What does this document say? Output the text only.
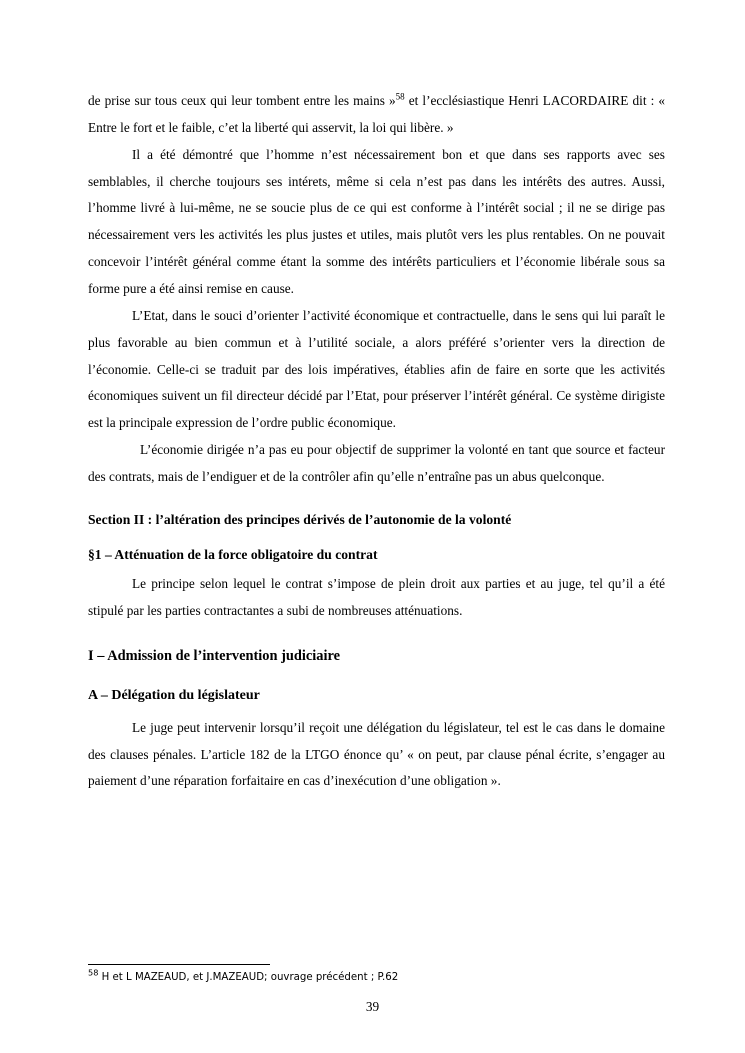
de prise sur tous ceux qui leur tombent entre les mains »$^{58}$ et l’ecclésiastique Henri LACORDAIRE dit : « Entre le fort et le faible, c’et la liberté qui asservit, la loi qui libère. »

Il a été démontré que l’homme n’est nécessairement bon et que dans ses rapports avec ses semblables, il cherche toujours ses intérets, même si cela n’est pas dans les intérêts des autres. Aussi, l’homme livré à lui-même, ne se soucie plus de ce qui est conforme à l’intérêt social ; il ne se dirige pas nécessairement vers les activités les plus justes et utiles, mais plutôt vers les plus rentables. On ne pouvait concevoir l’intérêt général comme étant la somme des intérêts particuliers et l’économie libérale sous sa forme pure a été ainsi remise en cause.

L’Etat, dans le souci d’orienter l’activité économique et contractuelle, dans le sens qui lui paraît le plus favorable au bien commun et à l’utilité sociale, a alors préféré s’orienter vers la direction de l’économie. Celle-ci se traduit par des lois impératives, établies afin de faire en sorte que les activités économiques suivent un fil directeur décidé par l’Etat, pour préserver l’intérêt général. Ce système dirigiste est la principale expression de l’ordre public économique.

L’économie dirigée n’a pas eu pour objectif de supprimer la volonté en tant que source et facteur des contrats, mais de l’endiguer et de la contrôler afin qu’elle n’entraîne pas un abus quelconque.

Section II : l’altération des principes dérivés de l’autonomie de la volonté
§1 – Atténuation de la force obligatoire du contrat

Le principe selon lequel le contrat s’impose de plein droit aux parties et au juge, tel qu’il a été stipulé par les parties contractantes a subi de nombreuses atténuations.

I – Admission de l’intervention judiciaire
A – Délégation du législateur

Le juge peut intervenir lorsqu’il reçoit une délégation du législateur, tel est le cas dans le domaine des clauses pénales. L’article 182 de la LTGO énonce qu’ « on peut, par clause pénal écrite, s’engager au paiement d’une réparation forfaitaire en cas d’inexécution d’une obligation ».

$^{58}$ H et L MAZEAUD, et J.MAZEAUD; ouvrage précédent ; P.62
39
